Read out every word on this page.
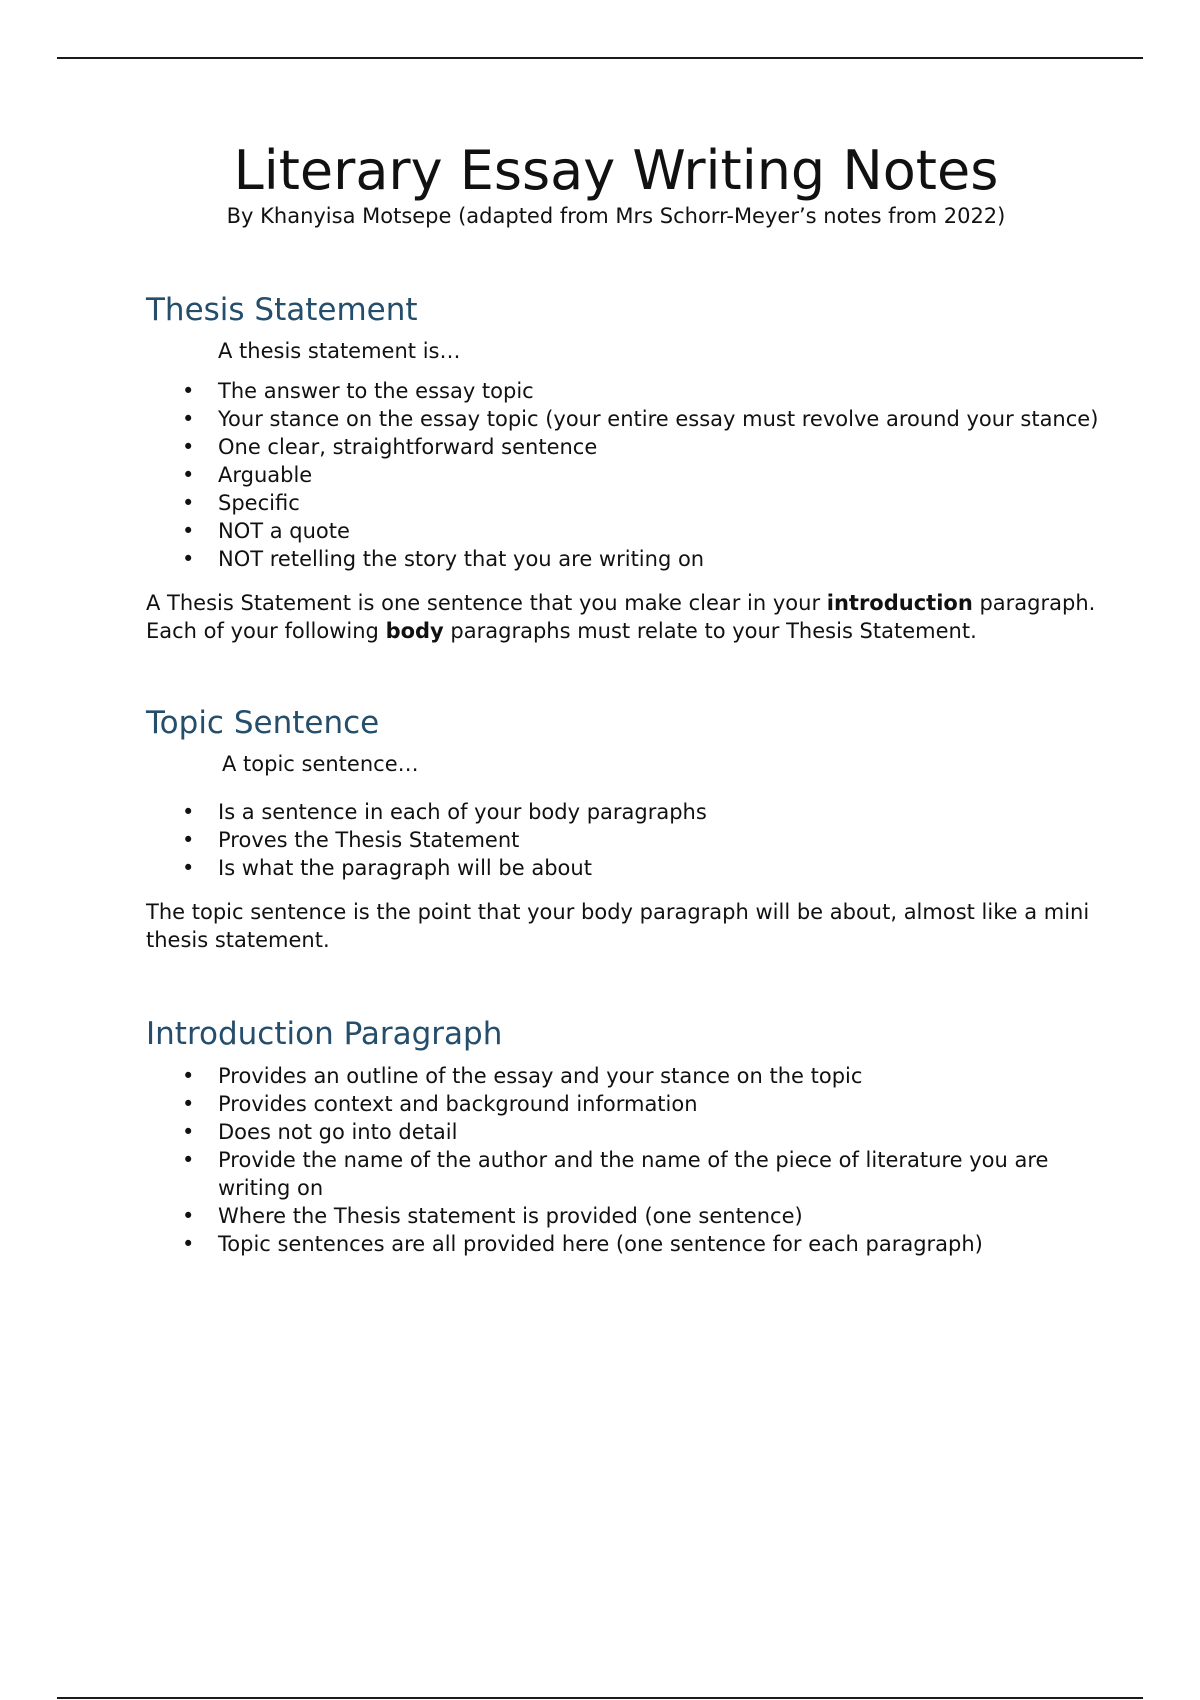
Literary Essay Writing Notes

By Khanyisa Motsepe (adapted from Mrs Schorr-Meyer’s notes from 2022)

Thesis Statement

A thesis statement is…

• The answer to the essay topic
• Your stance on the essay topic (your entire essay must revolve around your stance)
• One clear, straightforward sentence
• Arguable
• Specific
• NOT a quote
• NOT retelling the story that you are writing on

A Thesis Statement is one sentence that you make clear in your introduction paragraph. Each of your following body paragraphs must relate to your Thesis Statement.

Topic Sentence

A topic sentence…

• Is a sentence in each of your body paragraphs
• Proves the Thesis Statement
• Is what the paragraph will be about

The topic sentence is the point that your body paragraph will be about, almost like a mini thesis statement.

Introduction Paragraph
• Provides an outline of the essay and your stance on the topic
• Provides context and background information
• Does not go into detail
• Provide the name of the author and the name of the piece of literature you are writing on
• Where the Thesis statement is provided (one sentence)
• Topic sentences are all provided here (one sentence for each paragraph)
